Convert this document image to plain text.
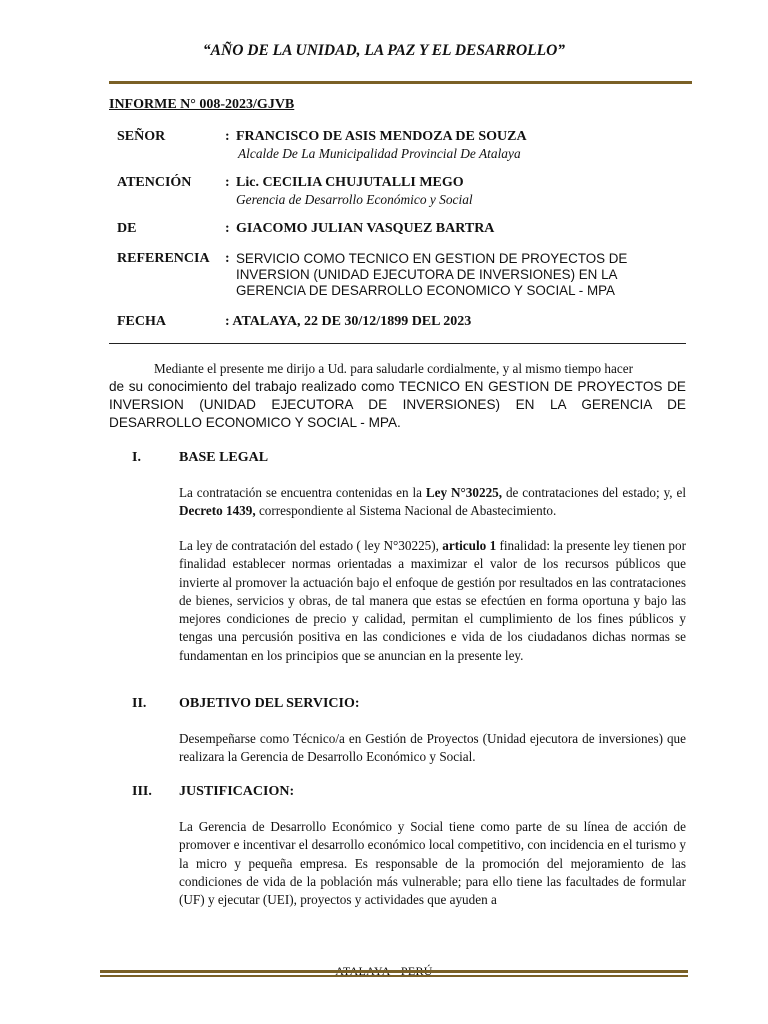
“AÑO DE LA UNIDAD, LA PAZ Y EL DESARROLLO”
INFORME N° 008-2023/GJVB
SEÑOR	: FRANCISCO DE ASIS MENDOZA DE SOUZA
Alcalde De La Municipalidad Provincial De Atalaya
ATENCIÓN : Lic. CECILIA CHUJUTALLI MEGO
Gerencia de Desarrollo Económico y Social
DE	: GIACOMO JULIAN VASQUEZ BARTRA
REFERENCIA : SERVICIO COMO TECNICO EN GESTION DE PROYECTOS DE
INVERSION (UNIDAD EJECUTORA DE INVERSIONES) EN LA
GERENCIA DE DESARROLLO ECONOMICO Y SOCIAL - MPA
FECHA	: ATALAYA, 22 DE 30/12/1899 DEL 2023
Mediante el presente me dirijo a Ud. para saludarle cordialmente, y al mismo tiempo hacer
de su conocimiento del trabajo realizado como TECNICO EN GESTION DE PROYECTOS DE
INVERSION (UNIDAD EJECUTORA DE INVERSIONES) EN LA GERENCIA DE
DESARROLLO ECONOMICO Y SOCIAL - MPA.
I.	BASE LEGAL
La contratación se encuentra contenidas en la Ley N°30225, de contrataciones del estado; y, el Decreto 1439, correspondiente al Sistema Nacional de Abastecimiento.
La ley de contratación del estado ( ley N°30225), articulo 1 finalidad: la presente ley tienen por finalidad establecer normas orientadas a maximizar el valor de los recursos públicos que invierte al promover la actuación bajo el enfoque de gestión por resultados en las contrataciones de bienes, servicios y obras, de tal manera que estas se efectúen en forma oportuna y bajo las mejores condiciones de precio y calidad, permitan el cumplimiento de los fines públicos y tengas una percusión positiva en las condiciones e vida de los ciudadanos dichas normas se fundamentan en los principios que se anuncian en la presente ley.
II. OBJETIVO DEL SERVICIO:
Desempeñarse como Técnico/a en Gestión de Proyectos (Unidad ejecutora de inversiones) que realizara la Gerencia de Desarrollo Económico y Social.
III. JUSTIFICACION:
La Gerencia de Desarrollo Económico y Social tiene como parte de su línea de acción de promover e incentivar el desarrollo económico local competitivo, con incidencia en el turismo y la micro y pequeña empresa. Es responsable de la promoción del mejoramiento de las condiciones de vida de la población más vulnerable; para ello tiene las facultades de formular (UF) y ejecutar (UEI), proyectos y actividades que ayuden a
